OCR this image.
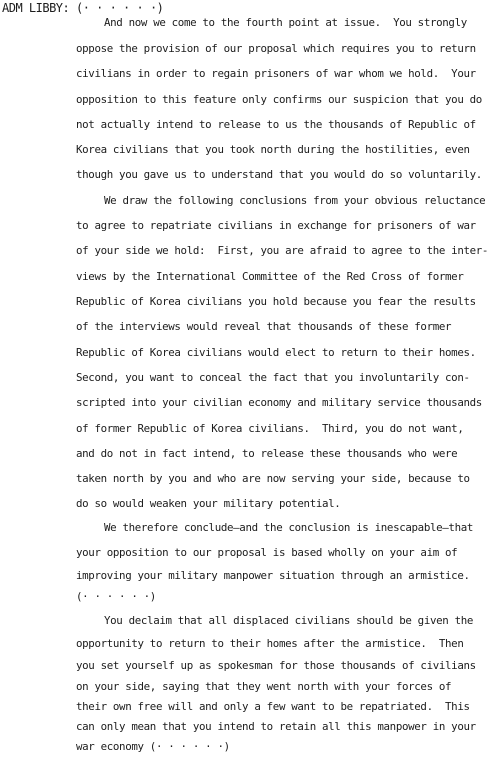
ADM LIBBY: (· · · · · ·)
And now we come to the fourth point at issue.  You strongly
oppose the provision of our proposal which requires you to return
civilians in order to regain prisoners of war whom we hold.  Your
opposition to this feature only confirms our suspicion that you do
not actually intend to release to us the thousands of Republic of
Korea civilians that you took north during the hostilities, even
though you gave us to understand that you would do so voluntarily.
We draw the following conclusions from your obvious reluctance
to agree to repatriate civilians in exchange for prisoners of war
of your side we hold:  First, you are afraid to agree to the inter-
views by the International Committee of the Red Cross of former
Republic of Korea civilians you hold because you fear the results
of the interviews would reveal that thousands of these former
Republic of Korea civilians would elect to return to their homes.
Second, you want to conceal the fact that you involuntarily con-
scripted into your civilian economy and military service thousands
of former Republic of Korea civilians.  Third, you do not want,
and do not in fact intend, to release these thousands who were
taken north by you and who are now serving your side, because to
do so would weaken your military potential.
We therefore conclude—and the conclusion is inescapable—that
your opposition to our proposal is based wholly on your aim of
improving your military manpower situation through an armistice.
(· · · · · ·)
You declaim that all displaced civilians should be given the
opportunity to return to their homes after the armistice.  Then
you set yourself up as spokesman for those thousands of civilians
on your side, saying that they went north with your forces of
their own free will and only a few want to be repatriated.  This
can only mean that you intend to retain all this manpower in your
war economy (· · · · · ·)
